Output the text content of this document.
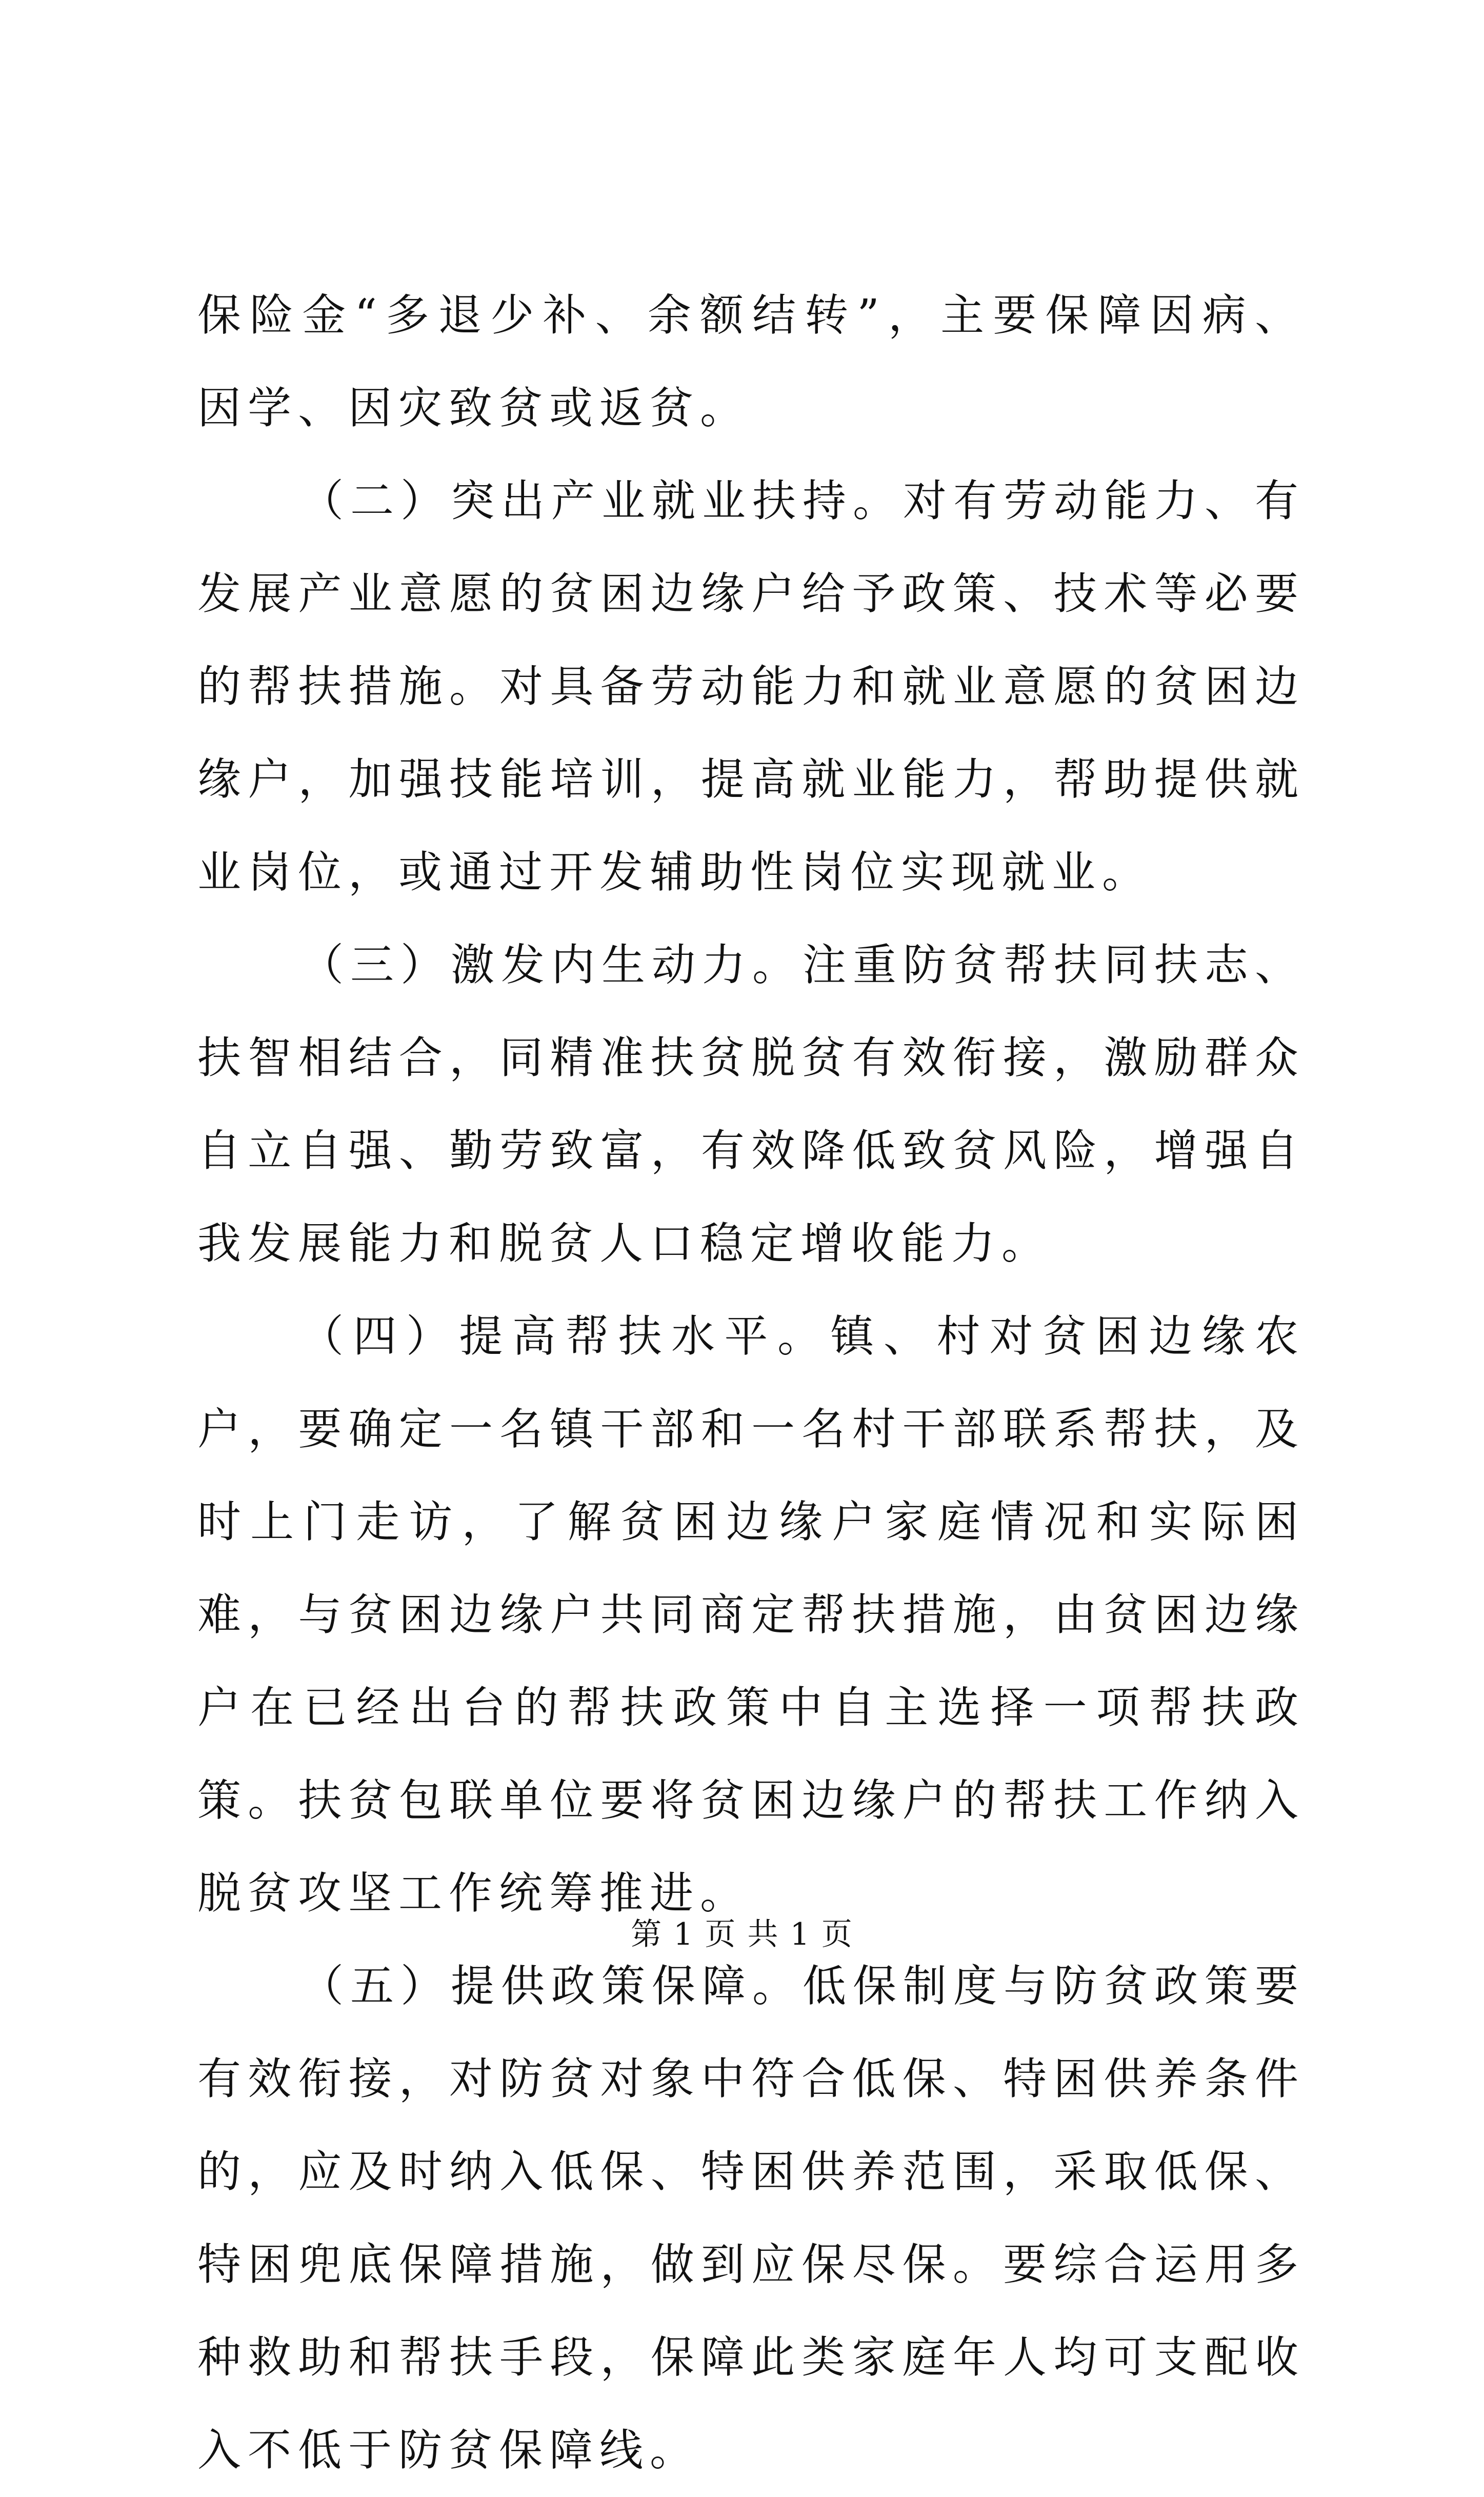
保险金“多退少补、余额结转”，主要保障因病、因学、因灾致贫或返贫。

（二）突出产业就业扶持。对有劳动能力、有发展产业意愿的贫困边缘户给予政策、技术等必要的帮扶措施。对具备劳动能力和就业意愿的贫困边缘户，加强技能培训，提高就业能力，帮助提供就业岗位，或通过开发辅助性岗位实现就业。

（三）激发内生动力。注重防贫帮扶同扶志、扶智相结合，同精准扶贫脱贫有效衔接，激励群众自立自强、勤劳致富，有效降低致贫风险，增强自我发展能力和脱贫人口稳定增收能力。

（四）提高帮扶水平。镇、村对贫困边缘农户，要确定一名镇干部和一名村干部联系帮扶，及时上门走访，了解贫困边缘户家庭情况和实际困难，与贫困边缘户共同商定帮扶措施，由贫困边缘户在已经出台的帮扶政策中自主选择一项帮扶政策。扶贫包联单位要将贫困边缘户的帮扶工作纳入脱贫攻坚工作统筹推进。

（五）提供政策保障。低保制度与防贫政策要有效衔接，对防贫对象中符合低保、特困供养条件的，应及时纳入低保、特困供养范围，采取低保、特困兜底保障措施，做到应保尽保。要综合运用多种救助和帮扶手段，保障此类家庭年人均可支配收入不低于防贫保障线。

第 1 页 共 1 页
